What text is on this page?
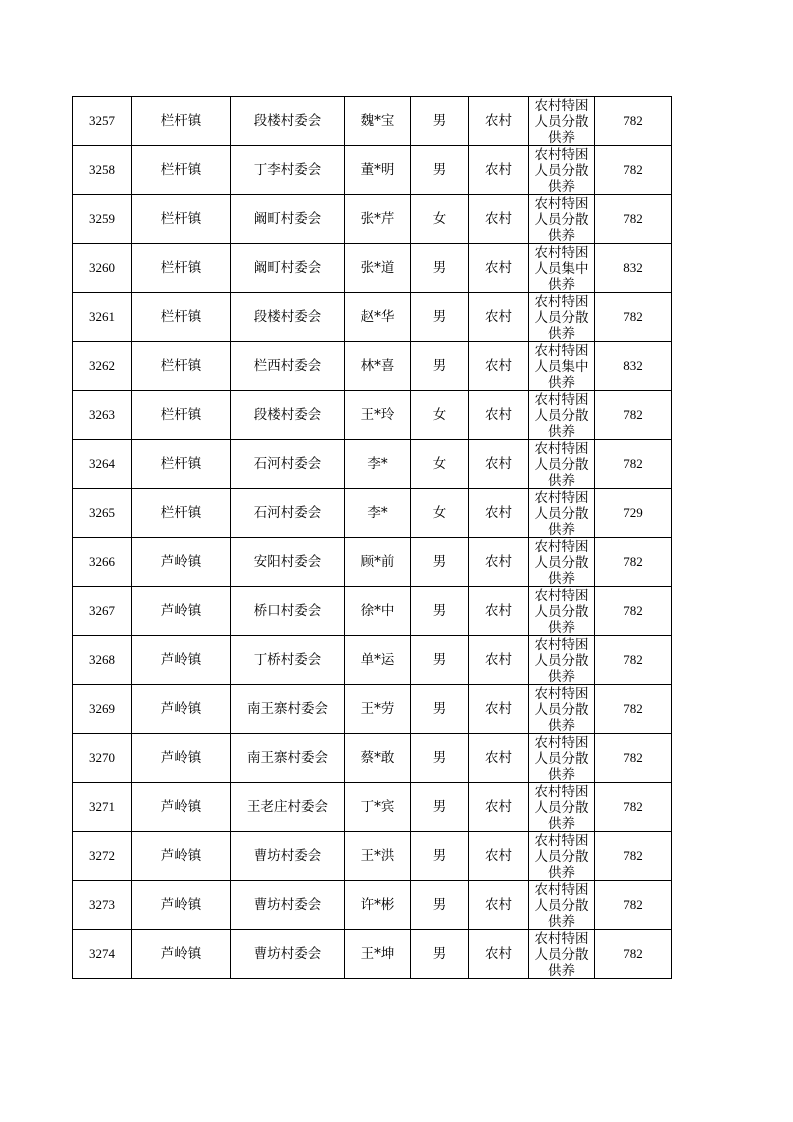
3257	栏杆镇	段楼村委会	魏*宝	男	农村	农村特困人员分散供养	782
3258	栏杆镇	丁李村委会	董*明	男	农村	农村特困人员分散供养	782
3259	栏杆镇	阚町村委会	张*芹	女	农村	农村特困人员分散供养	782
3260	栏杆镇	阚町村委会	张*道	男	农村	农村特困人员集中供养	832
3261	栏杆镇	段楼村委会	赵*华	男	农村	农村特困人员分散供养	782
3262	栏杆镇	栏西村委会	林*喜	男	农村	农村特困人员集中供养	832
3263	栏杆镇	段楼村委会	王*玲	女	农村	农村特困人员分散供养	782
3264	栏杆镇	石河村委会	李*	女	农村	农村特困人员分散供养	782
3265	栏杆镇	石河村委会	李*	女	农村	农村特困人员分散供养	729
3266	芦岭镇	安阳村委会	顾*前	男	农村	农村特困人员分散供养	782
3267	芦岭镇	桥口村委会	徐*中	男	农村	农村特困人员分散供养	782
3268	芦岭镇	丁桥村委会	单*运	男	农村	农村特困人员分散供养	782
3269	芦岭镇	南王寨村委会	王*劳	男	农村	农村特困人员分散供养	782
3270	芦岭镇	南王寨村委会	蔡*敢	男	农村	农村特困人员分散供养	782
3271	芦岭镇	王老庄村委会	丁*宾	男	农村	农村特困人员分散供养	782
3272	芦岭镇	曹坊村委会	王*洪	男	农村	农村特困人员分散供养	782
3273	芦岭镇	曹坊村委会	许*彬	男	农村	农村特困人员分散供养	782
3274	芦岭镇	曹坊村委会	王*坤	男	农村	农村特困人员分散供养	782
